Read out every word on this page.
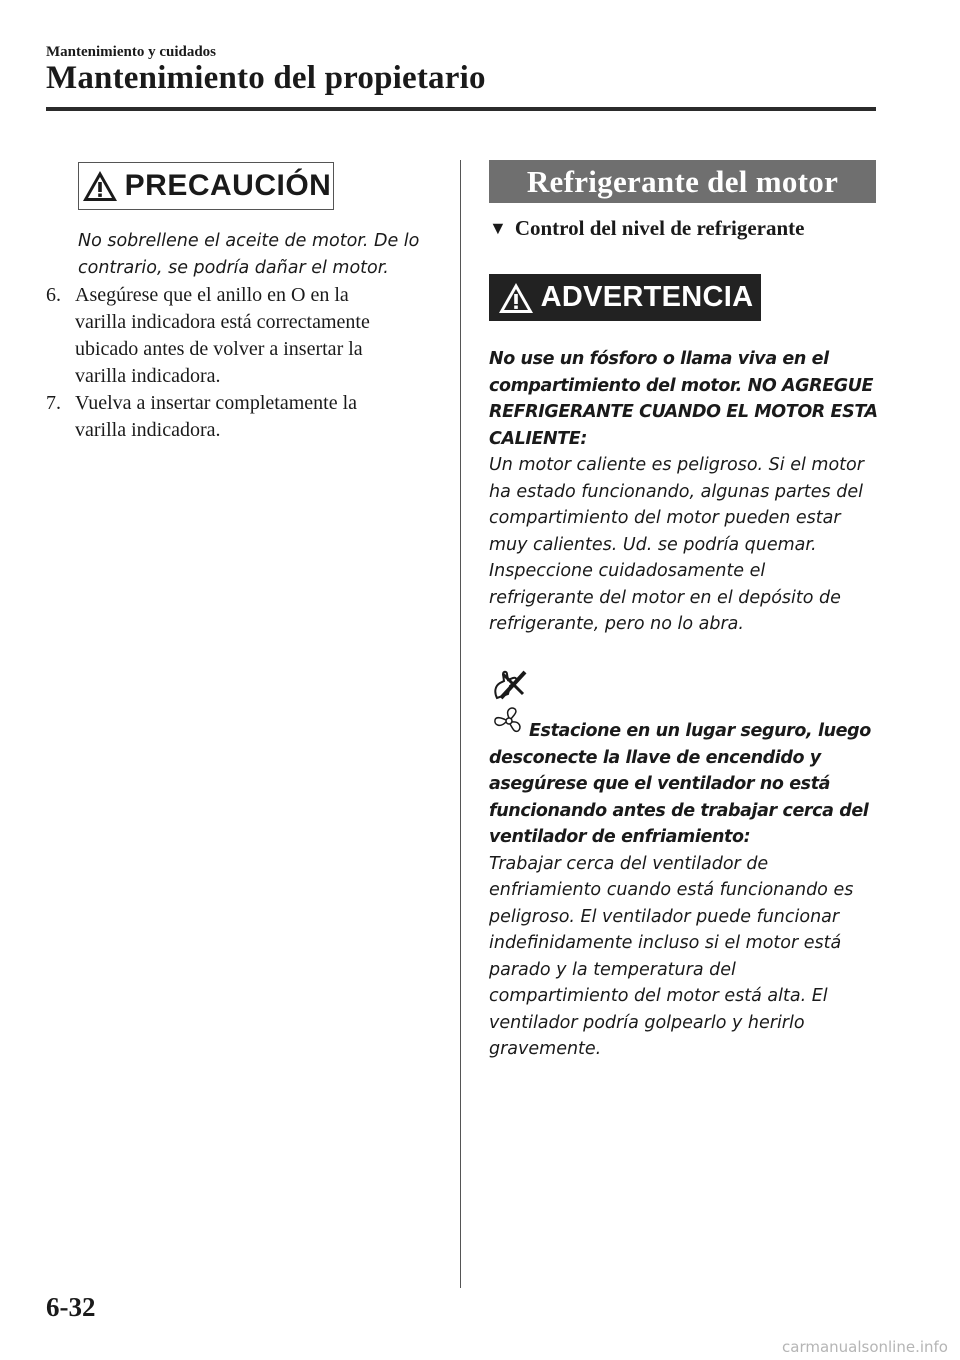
Mantenimiento y cuidados
Mantenimiento del propietario
PRECAUCIÓN
No sobrellene el aceite de motor. De lo
contrario, se podría dañar el motor.
6. Asegúrese que el anillo en O en la
varilla indicadora está correctamente
ubicado antes de volver a insertar la
varilla indicadora.
7. Vuelva a insertar completamente la
varilla indicadora.
Refrigerante del motor
▼ Control del nivel de refrigerante
ADVERTENCIA
No use un fósforo o llama viva en el
compartimiento del motor. NO AGREGUE
REFRIGERANTE CUANDO EL MOTOR ESTA
CALIENTE:
Un motor caliente es peligroso. Si el motor
ha estado funcionando, algunas partes del
compartimiento del motor pueden estar
muy calientes. Ud. se podría quemar.
Inspeccione cuidadosamente el
refrigerante del motor en el depósito de
refrigerante, pero no lo abra.
Estacione en un lugar seguro, luego
desconecte la llave de encendido y
asegúrese que el ventilador no está
funcionando antes de trabajar cerca del
ventilador de enfriamiento:
Trabajar cerca del ventilador de
enfriamiento cuando está funcionando es
peligroso. El ventilador puede funcionar
indefinidamente incluso si el motor está
parado y la temperatura del
compartimiento del motor está alta. El
ventilador podría golpearlo y herirlo
gravemente.
6-32
carmanualsonline.info
